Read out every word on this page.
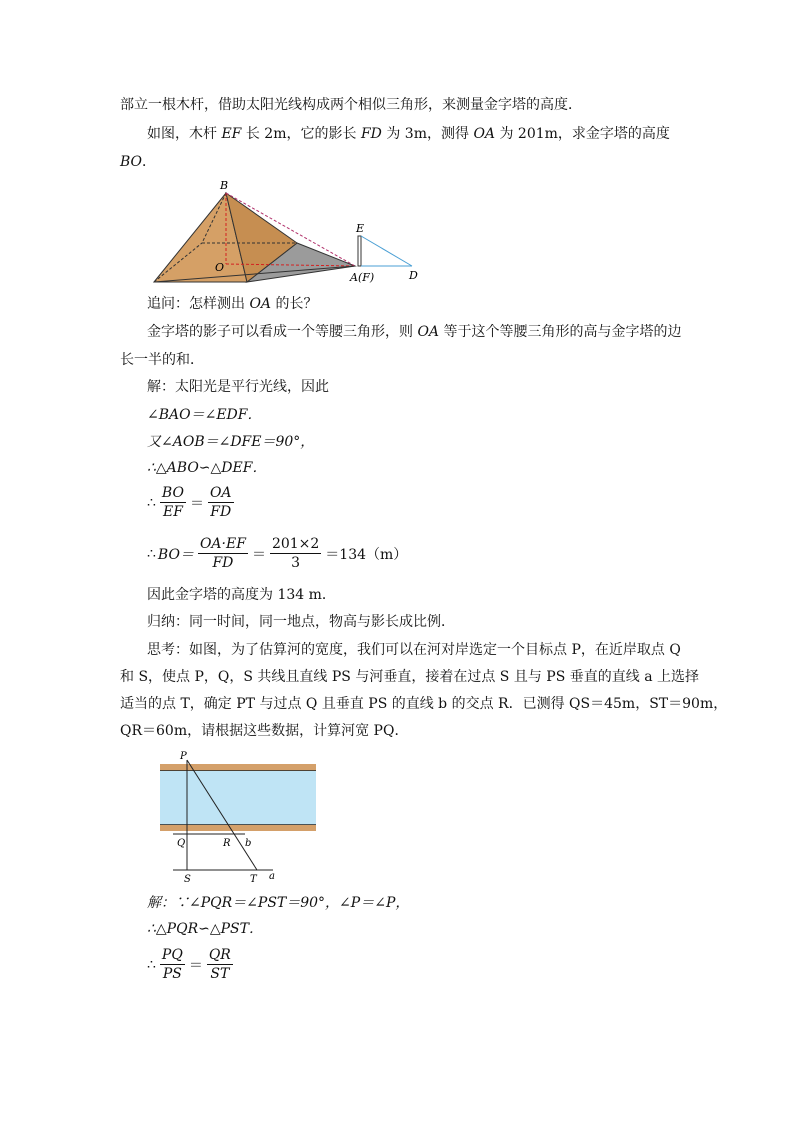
部立一根木杆，借助太阳光线构成两个相似三角形，来测量金字塔的高度．
如图，木杆 EF 长 2m，它的影长 FD 为 3m，测得 OA 为 201m，求金字塔的高度
BO．
B
O
E
A(F)	D
追问：怎样测出 OA 的长？
金字塔的影子可以看成一个等腰三角形，则 OA 等于这个等腰三角形的高与金字塔的边
长一半的和．
解：太阳光是平行光线，因此
∠BAO＝∠EDF．
又∠AOB＝∠DFE＝90°，
∴△ABO∽△DEF．
∴ $\frac{BO}{EF} = \frac{OA}{FD}$
∴ $BO= \frac{OA\cdot EF}{FD} = \frac{201\times 2}{3} =134(m)$
因此金字塔的高度为 134 m．
归纳：同一时间，同一地点，物高与影长成比例．
思考：如图，为了估算河的宽度，我们可以在河对岸选定一个目标点 P，在近岸取点 Q
和 S，使点 P，Q，S 共线且直线 PS 与河垂直，接着在过点 S 且与 PS 垂直的直线 a 上选择
适当的点 T，确定 PT 与过点 Q 且垂直 PS 的直线 b 的交点 R．已测得 QS＝45m，ST＝90m，
QR＝60m，请根据这些数据，计算河宽 PQ．
P
Q	R b
S	T a
解：∵∠PQR＝∠PST＝90°，∠P＝∠P，
∴△PQR∽△PST．
∴ $\frac{PQ}{PS} = \frac{QR}{ST}$
